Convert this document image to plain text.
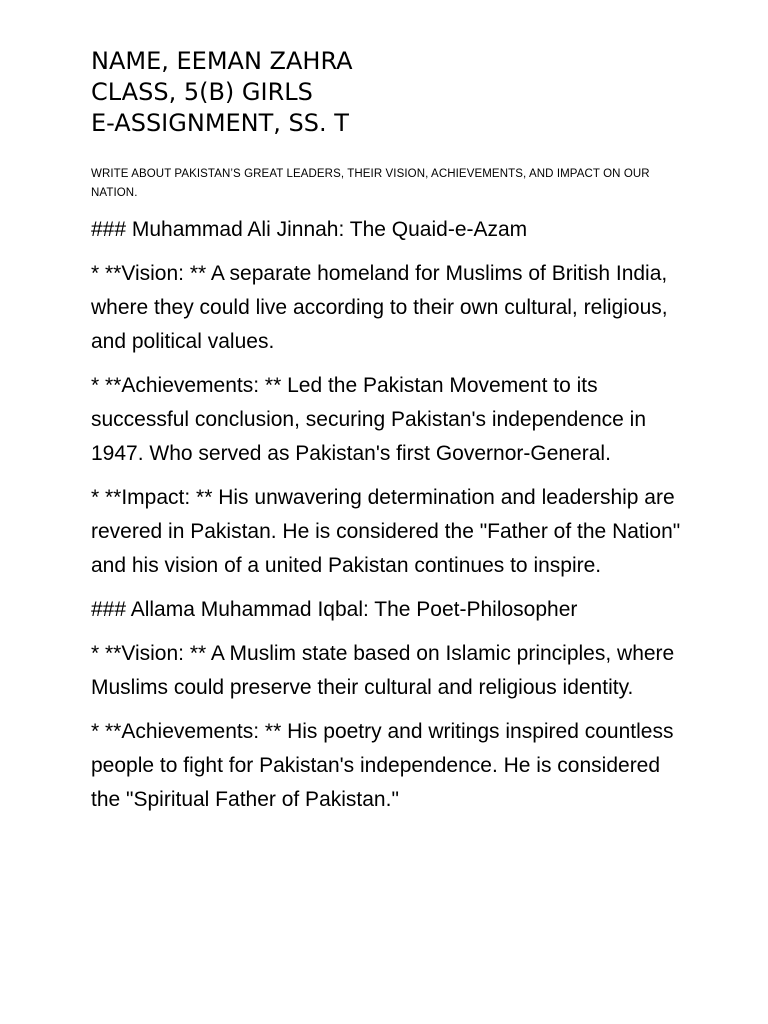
NAME, EEMAN ZAHRA

CLASS, 5(B) GIRLS

E-ASSIGNMENT, SS. T

WRITE ABOUT PAKISTAN’S GREAT LEADERS, THEIR VISION, ACHIEVEMENTS, AND IMPACT ON OUR NATION.

### Muhammad Ali Jinnah: The Quaid-e-Azam

* **Vision: ** A separate homeland for Muslims of British India, where they could live according to their own cultural, religious, and political values.

* **Achievements: ** Led the Pakistan Movement to its successful conclusion, securing Pakistan's independence in 1947. Who served as Pakistan's first Governor-General.

* **Impact: ** His unwavering determination and leadership are revered in Pakistan. He is considered the "Father of the Nation" and his vision of a united Pakistan continues to inspire.

### Allama Muhammad Iqbal: The Poet-Philosopher

* **Vision: ** A Muslim state based on Islamic principles, where Muslims could preserve their cultural and religious identity.

* **Achievements: ** His poetry and writings inspired countless people to fight for Pakistan's independence. He is considered the "Spiritual Father of Pakistan."
